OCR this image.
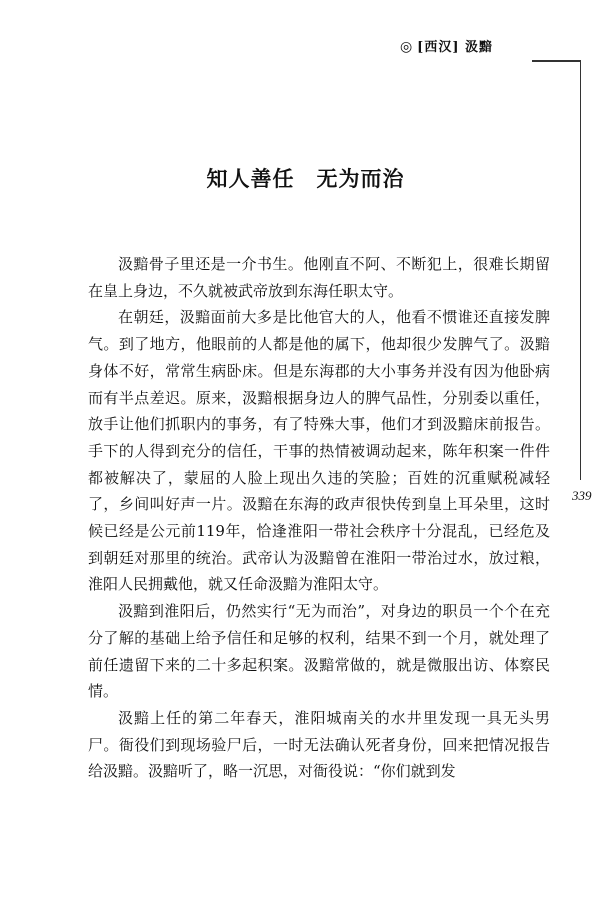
◎ [西汉] 汲黯
339
知人善任　无为而治

汲黯骨子里还是一介书生。他刚直不阿、不断犯上，很难长期留在皇上身边，不久就被武帝放到东海任职太守。

在朝廷，汲黯面前大多是比他官大的人，他看不惯谁还直接发脾气。到了地方，他眼前的人都是他的属下，他却很少发脾气了。汲黯身体不好，常常生病卧床。但是东海郡的大小事务并没有因为他卧病而有半点差迟。原来，汲黯根据身边人的脾气品性，分别委以重任，放手让他们抓职内的事务，有了特殊大事，他们才到汲黯床前报告。手下的人得到充分的信任，干事的热情被调动起来，陈年积案一件件都被解决了，蒙屈的人脸上现出久违的笑脸；百姓的沉重赋税减轻了，乡间叫好声一片。汲黯在东海的政声很快传到皇上耳朵里，这时候已经是公元前119年，恰逢淮阳一带社会秩序十分混乱，已经危及到朝廷对那里的统治。武帝认为汲黯曾在淮阳一带治过水，放过粮，淮阳人民拥戴他，就又任命汲黯为淮阳太守。

汲黯到淮阳后，仍然实行“无为而治”，对身边的职员一个个在充分了解的基础上给予信任和足够的权利，结果不到一个月，就处理了前任遗留下来的二十多起积案。汲黯常做的，就是微服出访、体察民情。

汲黯上任的第二年春天，淮阳城南关的水井里发现一具无头男尸。衙役们到现场验尸后，一时无法确认死者身份，回来把情况报告给汲黯。汲黯听了，略一沉思，对衙役说：“你们就到发
